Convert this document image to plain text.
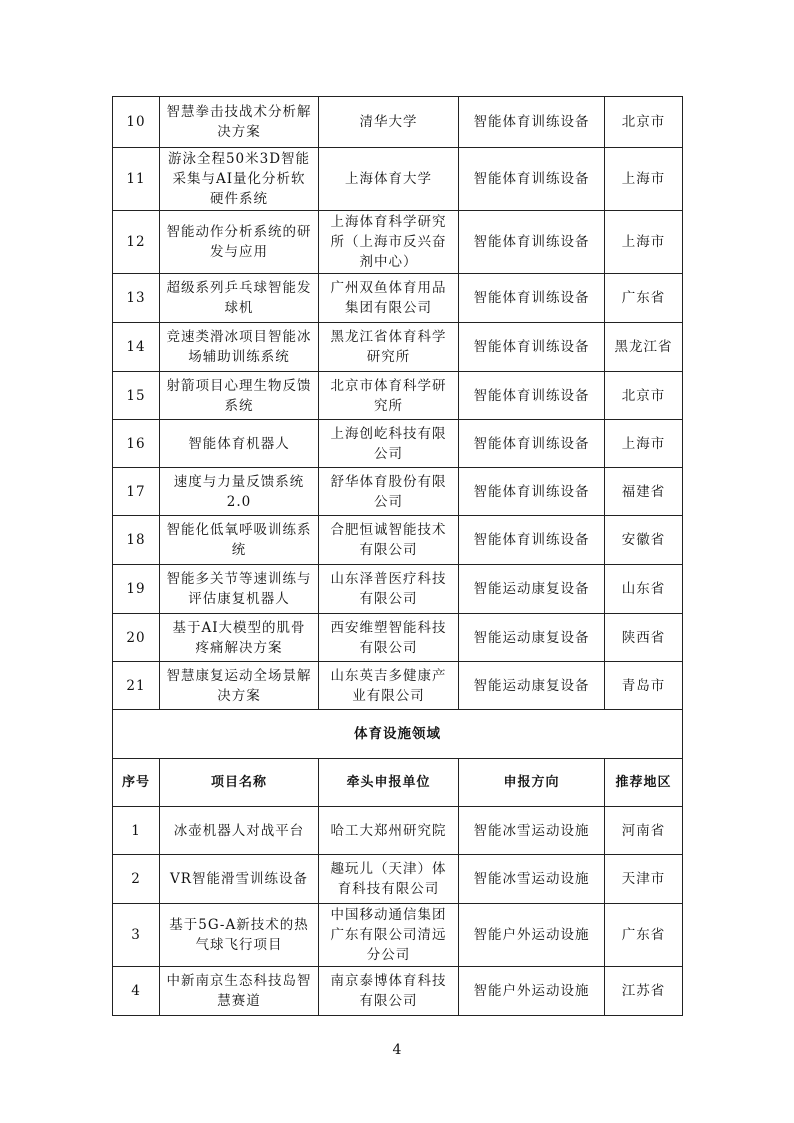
10	智慧拳击技战术分析解决方案	清华大学	智能体育训练设备	北京市
11	游泳全程50米3D智能采集与AI量化分析软硬件系统	上海体育大学	智能体育训练设备	上海市
12	智能动作分析系统的研发与应用	上海体育科学研究所（上海市反兴奋剂中心）	智能体育训练设备	上海市
13	超级系列乒乓球智能发球机	广州双鱼体育用品集团有限公司	智能体育训练设备	广东省
14	竞速类滑冰项目智能冰场辅助训练系统	黑龙江省体育科学研究所	智能体育训练设备	黑龙江省
15	射箭项目心理生物反馈系统	北京市体育科学研究所	智能体育训练设备	北京市
16	智能体育机器人	上海创屹科技有限公司	智能体育训练设备	上海市
17	速度与力量反馈系统2.0	舒华体育股份有限公司	智能体育训练设备	福建省
18	智能化低氧呼吸训练系统	合肥恒诚智能技术有限公司	智能体育训练设备	安徽省
19	智能多关节等速训练与评估康复机器人	山东泽普医疗科技有限公司	智能运动康复设备	山东省
20	基于AI大模型的肌骨疼痛解决方案	西安维塑智能科技有限公司	智能运动康复设备	陕西省
21	智慧康复运动全场景解决方案	山东英吉多健康产业有限公司	智能运动康复设备	青岛市
体育设施领域				
序号	项目名称	牵头申报单位	申报方向	推荐地区
1	冰壶机器人对战平台	哈工大郑州研究院	智能冰雪运动设施	河南省
2	VR智能滑雪训练设备	趣玩儿（天津）体育科技有限公司	智能冰雪运动设施	天津市
3	基于5G-A新技术的热气球飞行项目	中国移动通信集团广东有限公司清远分公司	智能户外运动设施	广东省
4	中新南京生态科技岛智慧赛道	南京泰博体育科技有限公司	智能户外运动设施	江苏省
4
